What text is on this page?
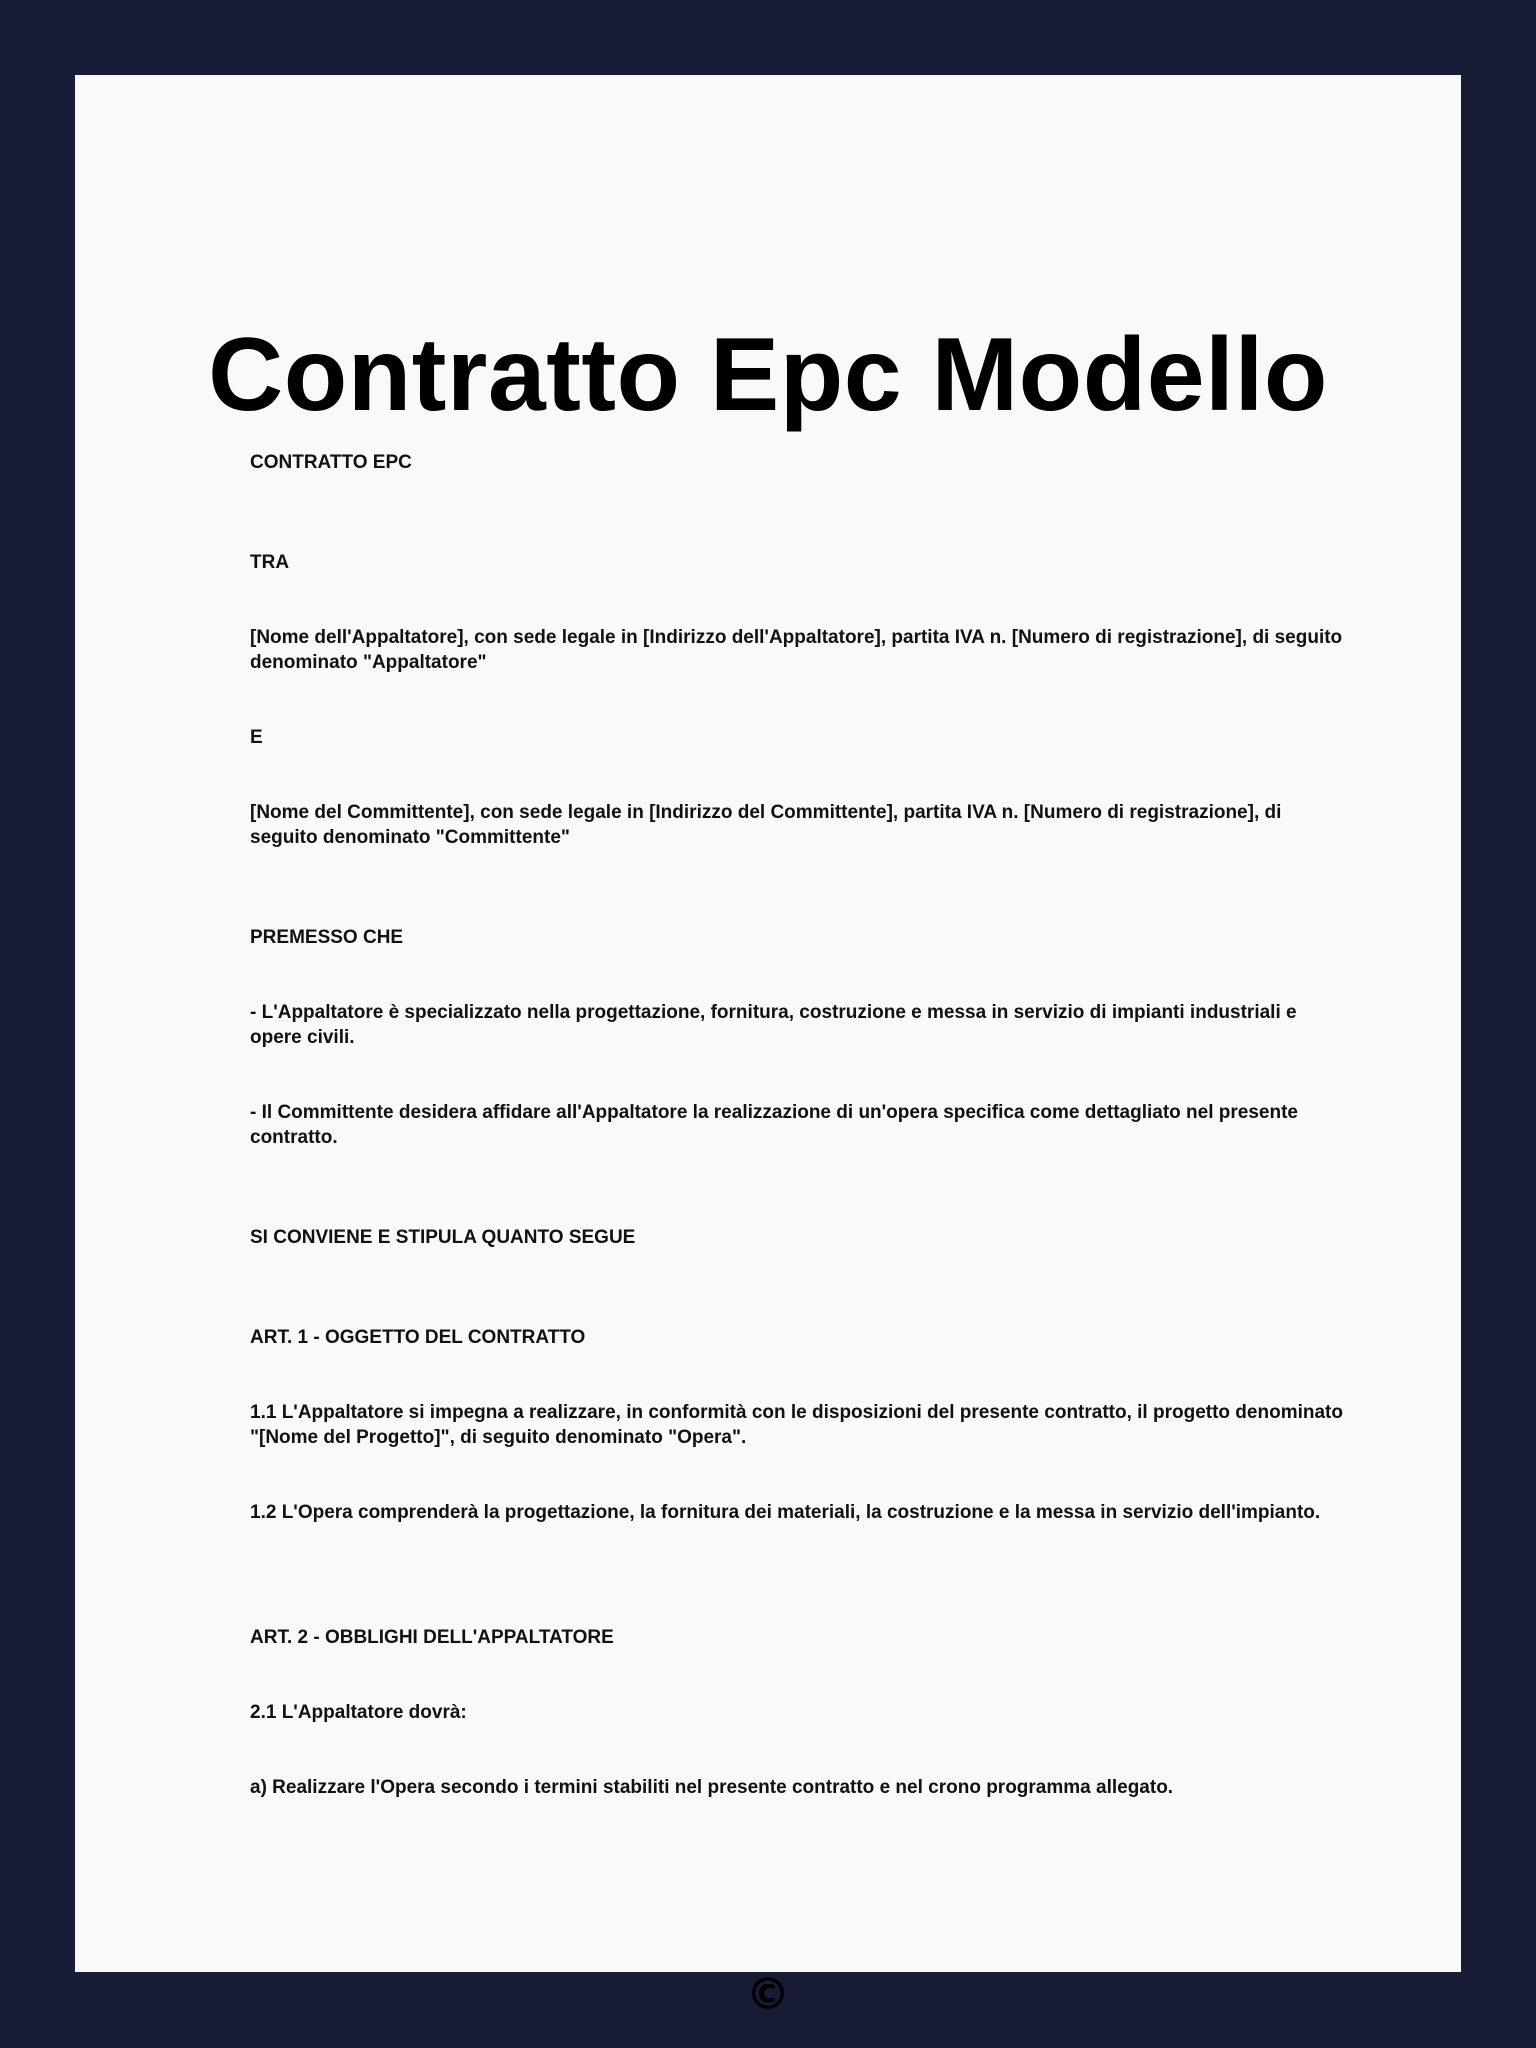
Contratto Epc Modello

CONTRATTO EPC

TRA

[Nome dell'Appaltatore], con sede legale in [Indirizzo dell'Appaltatore], partita IVA n. [Numero di registrazione], di seguito denominato "Appaltatore"

E

[Nome del Committente], con sede legale in [Indirizzo del Committente], partita IVA n. [Numero di registrazione], di seguito denominato "Committente"

PREMESSO CHE

- L'Appaltatore è specializzato nella progettazione, fornitura, costruzione e messa in servizio di impianti industriali e opere civili.

- Il Committente desidera affidare all'Appaltatore la realizzazione di un'opera specifica come dettagliato nel presente contratto.

SI CONVIENE E STIPULA QUANTO SEGUE

ART. 1 - OGGETTO DEL CONTRATTO

1.1 L'Appaltatore si impegna a realizzare, in conformità con le disposizioni del presente contratto, il progetto denominato "[Nome del Progetto]", di seguito denominato "Opera".

1.2 L'Opera comprenderà la progettazione, la fornitura dei materiali, la costruzione e la messa in servizio dell'impianto.

ART. 2 - OBBLIGHI DELL'APPALTATORE

2.1 L'Appaltatore dovrà:

a) Realizzare l'Opera secondo i termini stabiliti nel presente contratto e nel crono programma allegato.

©
